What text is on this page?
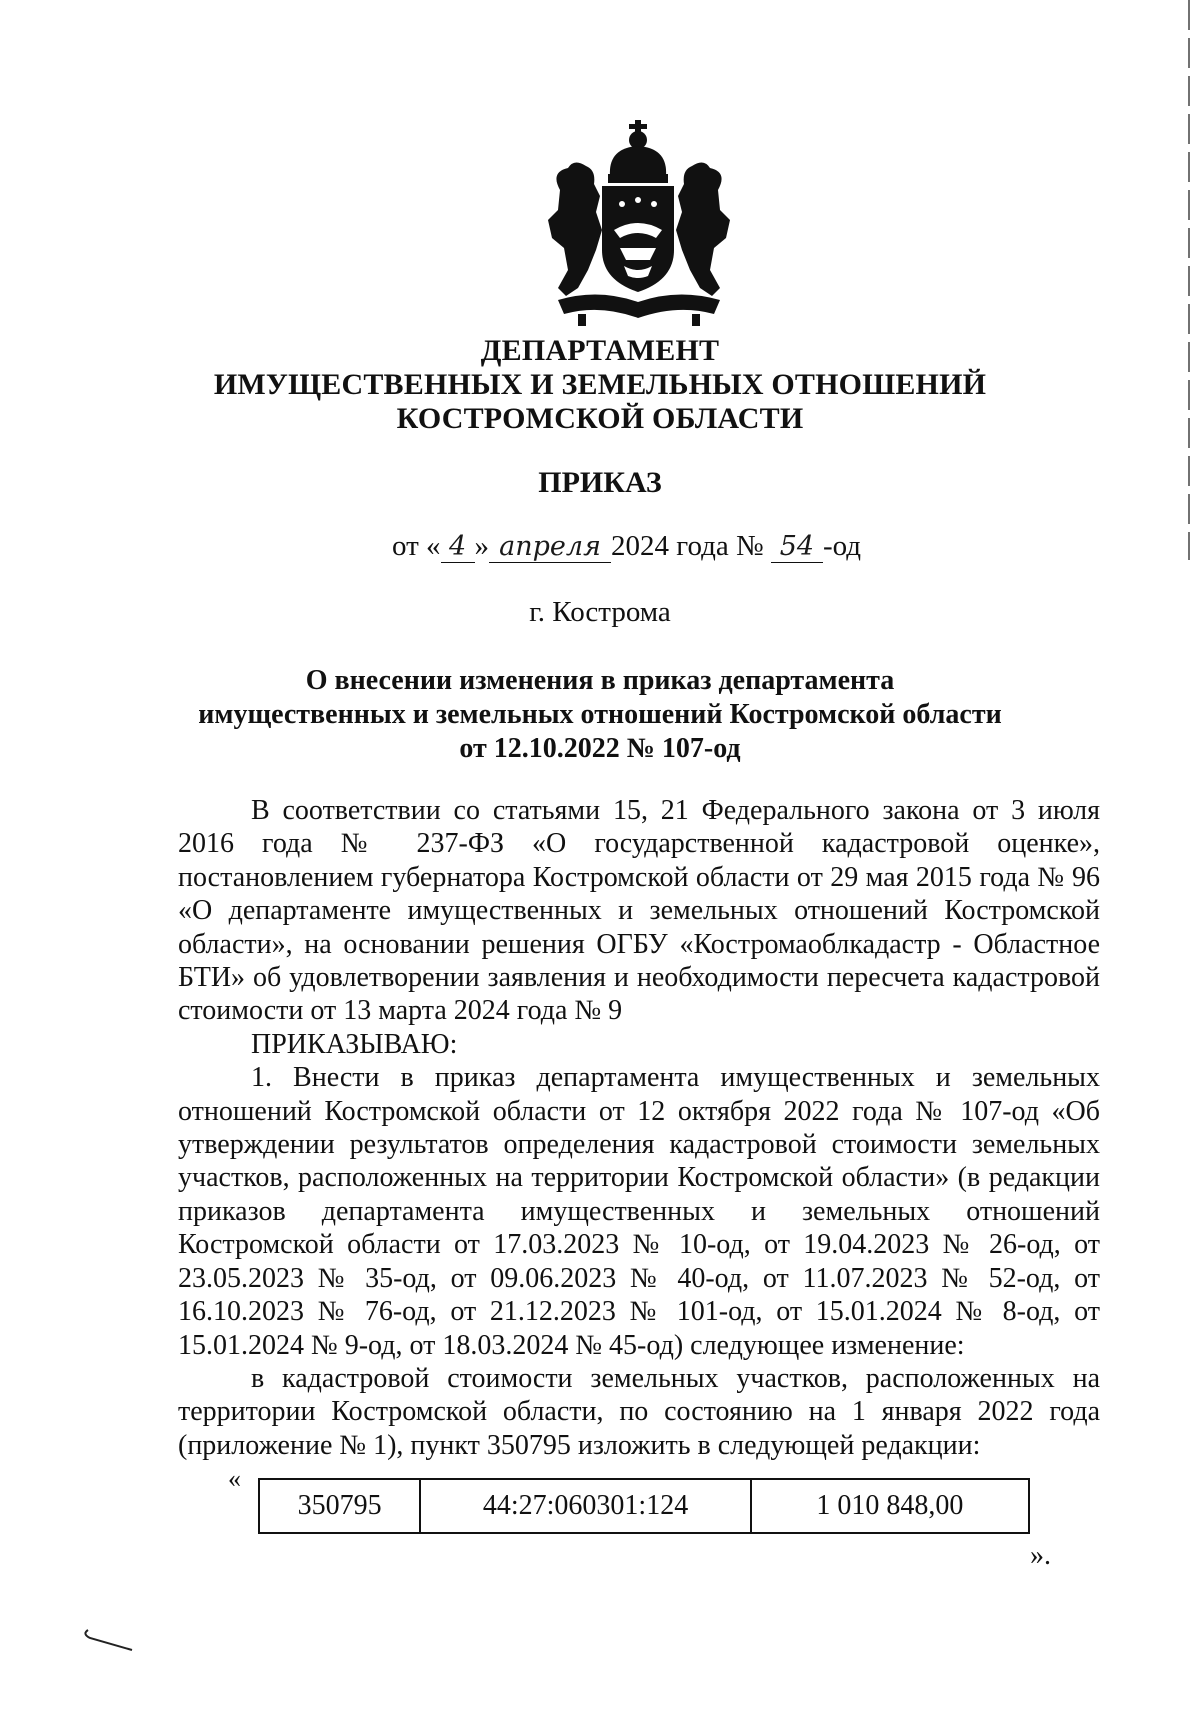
ДЕПАРТАМЕНТ
ИМУЩЕСТВЕННЫХ И ЗЕМЕЛЬНЫХ ОТНОШЕНИЙ
КОСТРОМСКОЙ ОБЛАСТИ
ПРИКАЗ
от « 4 » апреля 2024 года № 54 -од
г. Кострома
О внесении изменения в приказ департамента
имущественных и земельных отношений Костромской области
от 12.10.2022 № 107-од

В соответствии со статьями 15, 21 Федерального закона от 3 июля 2016 года № 237-ФЗ «О государственной кадастровой оценке», постановлением губернатора Костромской области от 29 мая 2015 года № 96 «О департаменте имущественных и земельных отношений Костромской области», на основании решения ОГБУ «Костромаоблкадастр - Областное БТИ» об удовлетворении заявления и необходимости пересчета кадастровой стоимости от 13 марта 2024 года № 9

ПРИКАЗЫВАЮ:

1. Внести в приказ департамента имущественных и земельных отношений Костромской области от 12 октября 2022 года № 107-од «Об утверждении результатов определения кадастровой стоимости земельных участков, расположенных на территории Костромской области» (в редакции приказов департамента имущественных и земельных отношений Костромской области от 17.03.2023 № 10-од, от 19.04.2023 № 26-од, от 23.05.2023 № 35-од, от 09.06.2023 № 40-од, от 11.07.2023 № 52-од, от 16.10.2023 № 76-од, от 21.12.2023 № 101-од, от 15.01.2024 № 8-од, от 15.01.2024 № 9-од, от 18.03.2024 № 45-од) следующее изменение:

в кадастровой стоимости земельных участков, расположенных на территории Костромской области, по состоянию на 1 января 2022 года (приложение № 1), пункт 350795 изложить в следующей редакции:

«
350795	44:27:060301:124	1 010 848,00
».
